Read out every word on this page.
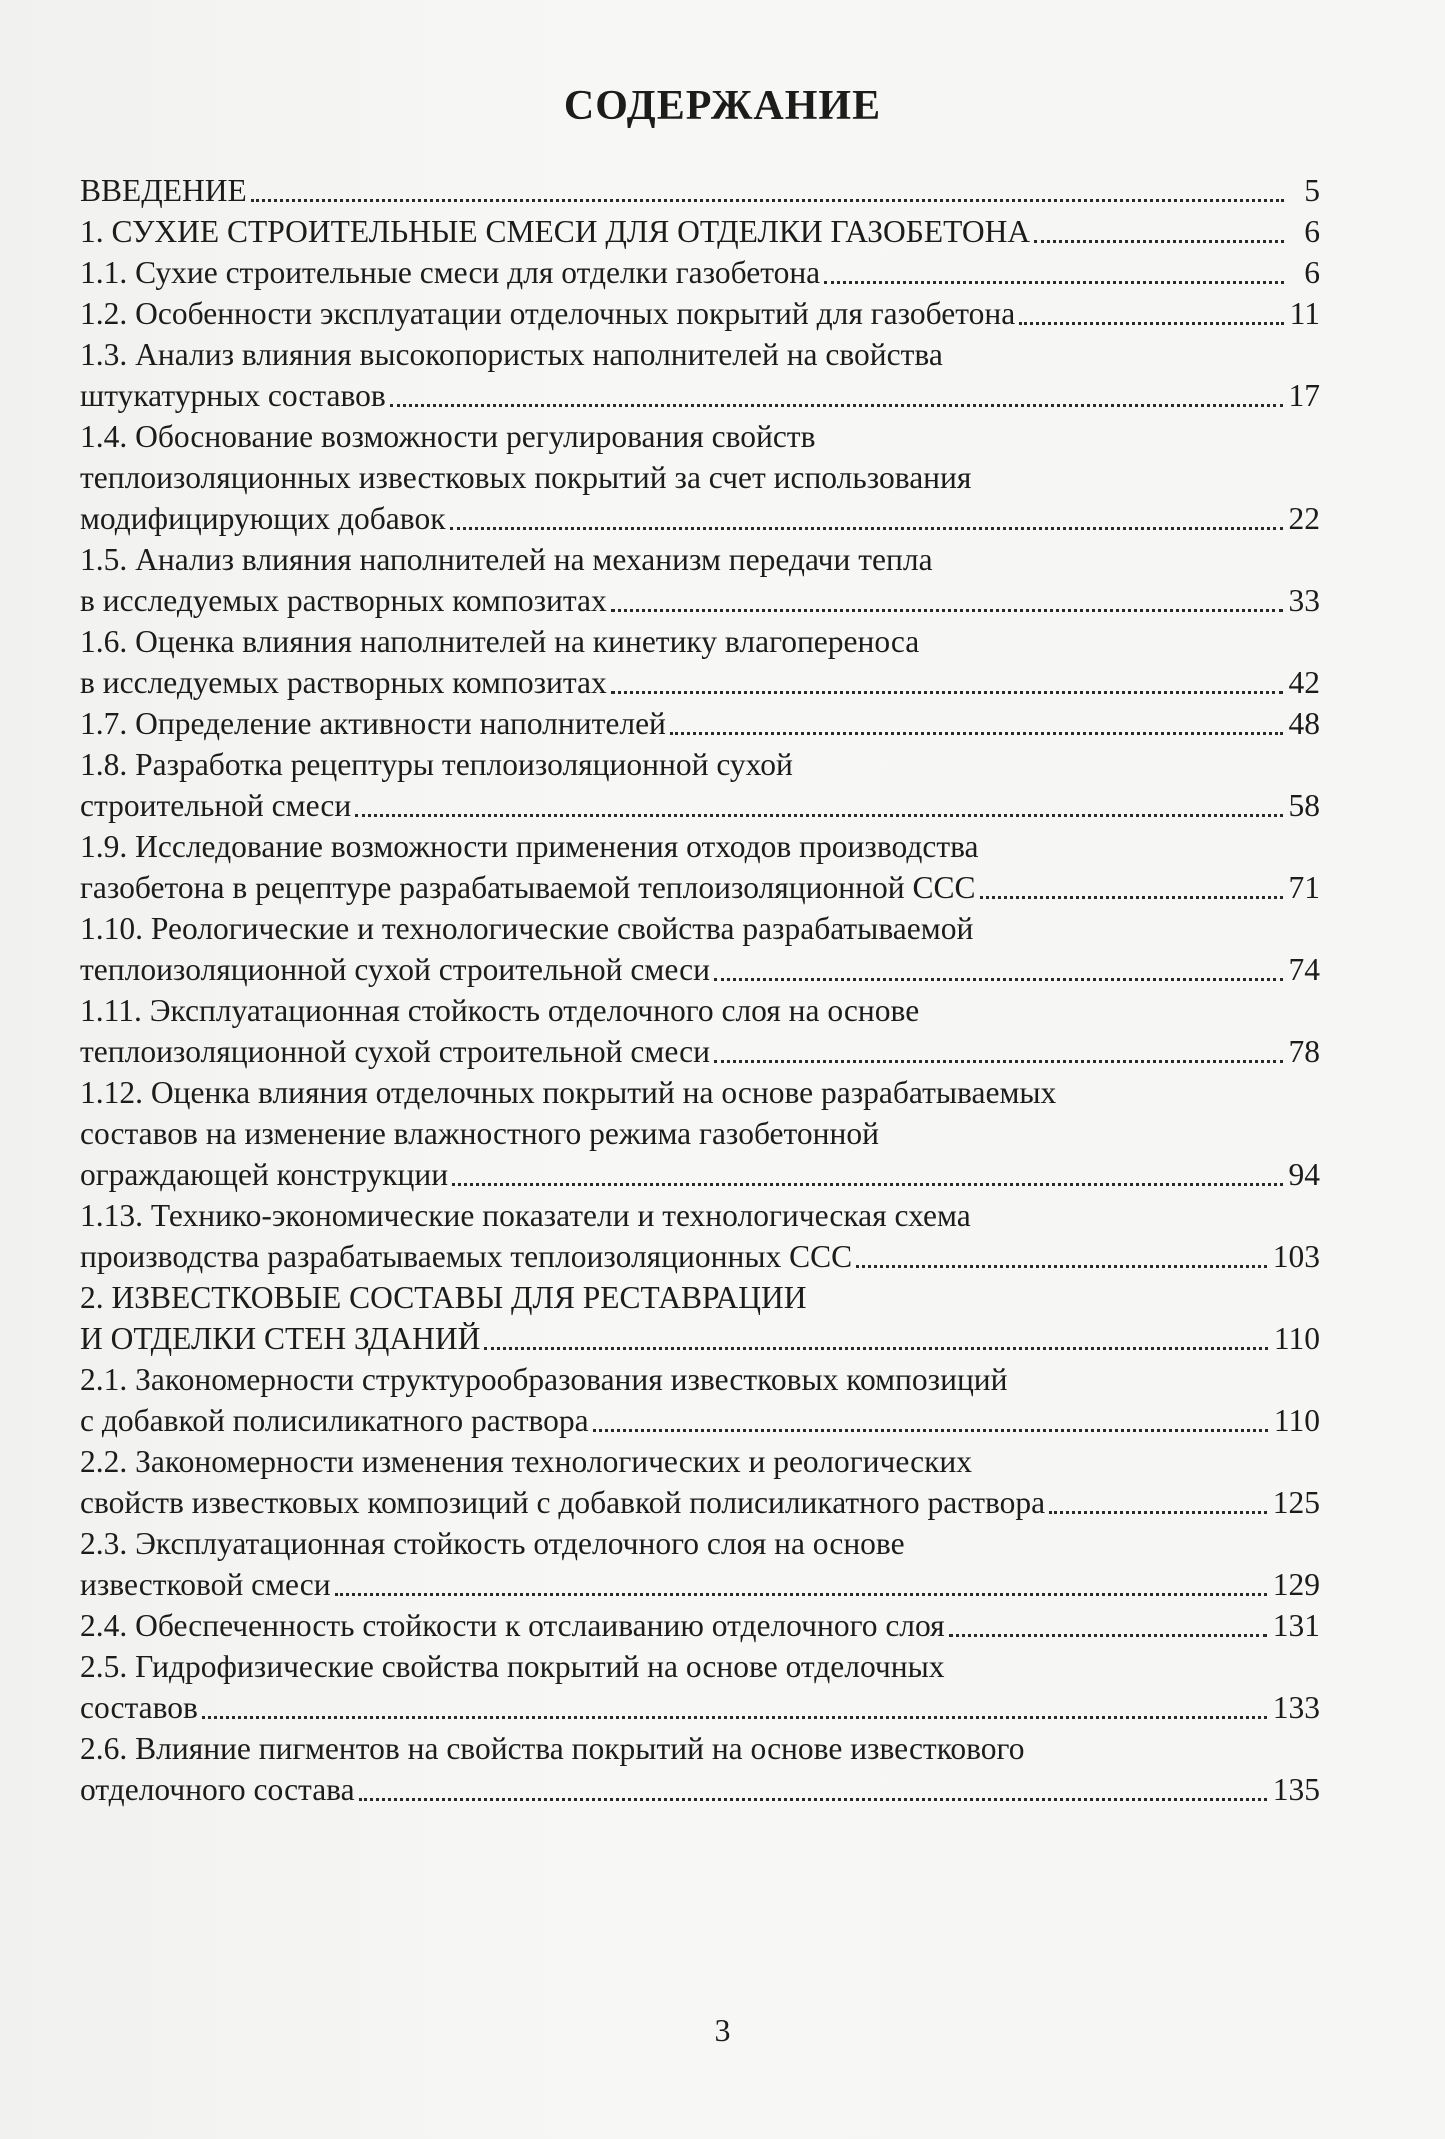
СОДЕРЖАНИЕ
ВВЕДЕНИЕ	5
1. СУХИЕ СТРОИТЕЛЬНЫЕ СМЕСИ ДЛЯ ОТДЕЛКИ ГАЗОБЕТОНА	6
1.1. Сухие строительные смеси для отделки газобетона	6
1.2. Особенности эксплуатации отделочных покрытий для газобетона	11
1.3. Анализ влияния высокопористых наполнителей на свойства
штукатурных составов	17
1.4. Обоснование возможности регулирования свойств
теплоизоляционных известковых покрытий за счет использования
модифицирующих добавок	22
1.5. Анализ влияния наполнителей на механизм передачи тепла
в исследуемых растворных композитах	33
1.6. Оценка влияния наполнителей на кинетику влагопереноса
в исследуемых растворных композитах	42
1.7. Определение активности наполнителей	48
1.8. Разработка рецептуры теплоизоляционной сухой
строительной смеси	58
1.9. Исследование возможности применения отходов производства
газобетона в рецептуре разрабатываемой теплоизоляционной ССС	71
1.10. Реологические и технологические свойства разрабатываемой
теплоизоляционной сухой строительной смеси	74
1.11. Эксплуатационная стойкость отделочного слоя на основе
теплоизоляционной сухой строительной смеси	78
1.12. Оценка влияния отделочных покрытий на основе разрабатываемых
составов на изменение влажностного режима газобетонной
ограждающей конструкции	94
1.13. Технико-экономические показатели и технологическая схема
производства разрабатываемых теплоизоляционных ССС	103
2. ИЗВЕСТКОВЫЕ СОСТАВЫ ДЛЯ РЕСТАВРАЦИИ
И ОТДЕЛКИ СТЕН ЗДАНИЙ	110
2.1. Закономерности структурообразования известковых композиций
с добавкой полисиликатного раствора	110
2.2. Закономерности изменения технологических и реологических
свойств известковых композиций с добавкой полисиликатного раствора	125
2.3. Эксплуатационная стойкость отделочного слоя на основе
известковой смеси	129
2.4. Обеспеченность стойкости к отслаиванию отделочного слоя	131
2.5. Гидрофизические свойства покрытий на основе отделочных
составов	133
2.6. Влияние пигментов на свойства покрытий на основе известкового
отделочного состава	135
3
